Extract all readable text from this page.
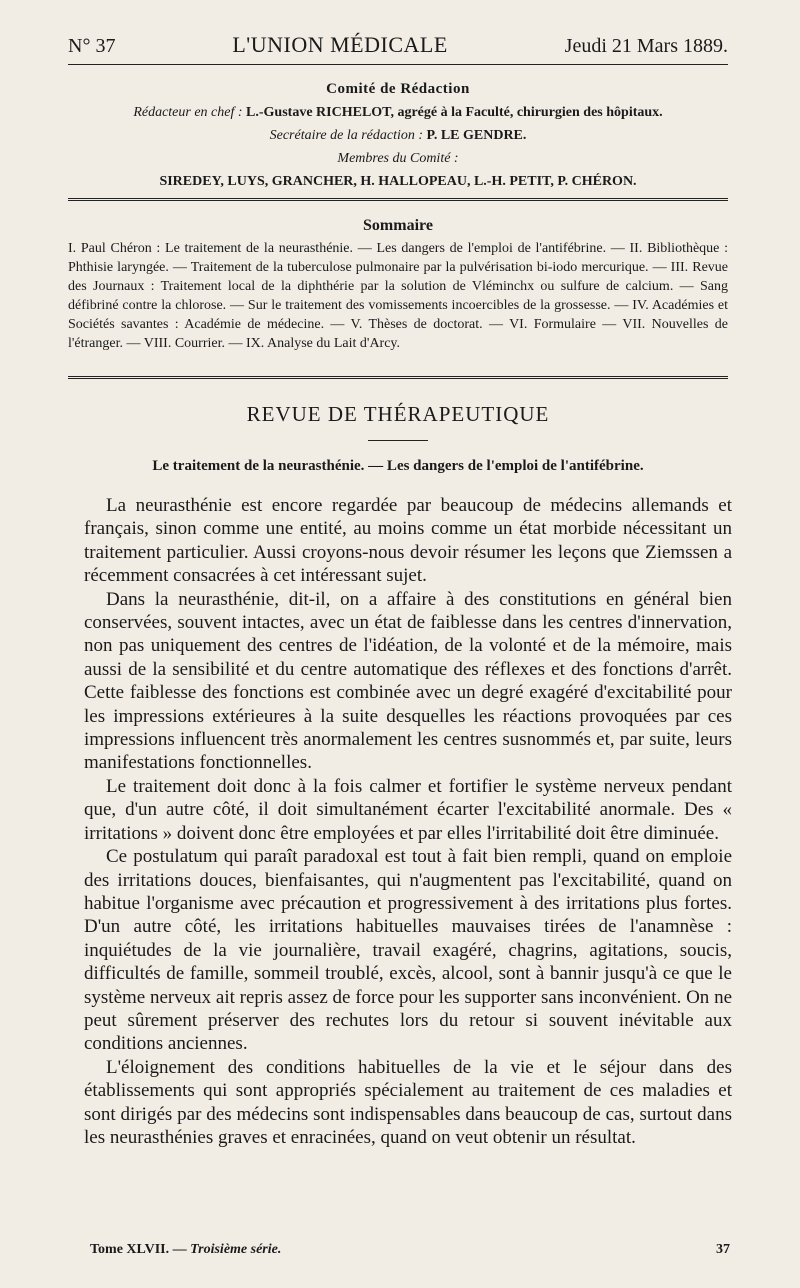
N° 37	L'UNION MÉDICALE	Jeudi 21 Mars 1889.
Comité de Rédaction
Rédacteur en chef : L.-Gustave RICHELOT, agrégé à la Faculté, chirurgien des hôpitaux.
Secrétaire de la rédaction : P. LE GENDRE.
Membres du Comité :
SIREDEY, LUYS, GRANCHER, H. HALLOPEAU, L.-H. PETIT, P. CHÉRON.
Sommaire

I. Paul Chéron : Le traitement de la neurasthénie. — Les dangers de l'emploi de l'antifébrine. — II. Bibliothèque : Phthisie laryngée. — Traitement de la tuberculose pulmonaire par la pulvérisation bi-iodo mercurique. — III. Revue des Journaux : Traitement local de la diphthérie par la solution de Vléminchx ou sulfure de calcium. — Sang défibriné contre la chlorose. — Sur le traitement des vomissements incoercibles de la grossesse. — IV. Académies et Sociétés savantes : Académie de médecine. — V. Thèses de doctorat. — VI. Formulaire — VII. Nouvelles de l'étranger. — VIII. Courrier. — IX. Analyse du Lait d'Arcy.

REVUE DE THÉRAPEUTIQUE
Le traitement de la neurasthénie. — Les dangers de l'emploi de l'antifébrine.

La neurasthénie est encore regardée par beaucoup de médecins allemands et français, sinon comme une entité, au moins comme un état morbide nécessitant un traitement particulier. Aussi croyons-nous devoir résumer les leçons que Ziemssen a récemment consacrées à cet intéressant sujet.

Dans la neurasthénie, dit-il, on a affaire à des constitutions en général bien conservées, souvent intactes, avec un état de faiblesse dans les centres d'innervation, non pas uniquement des centres de l'idéation, de la volonté et de la mémoire, mais aussi de la sensibilité et du centre automatique des réflexes et des fonctions d'arrêt. Cette faiblesse des fonctions est combinée avec un degré exagéré d'excitabilité pour les impressions extérieures à la suite desquelles les réactions provoquées par ces impressions influencent très anormalement les centres susnommés et, par suite, leurs manifestations fonctionnelles.

Le traitement doit donc à la fois calmer et fortifier le système nerveux pendant que, d'un autre côté, il doit simultanément écarter l'excitabilité anormale. Des « irritations » doivent donc être employées et par elles l'irritabilité doit être diminuée.

Ce postulatum qui paraît paradoxal est tout à fait bien rempli, quand on emploie des irritations douces, bienfaisantes, qui n'augmentent pas l'excitabilité, quand on habitue l'organisme avec précaution et progressivement à des irritations plus fortes. D'un autre côté, les irritations habituelles mauvaises tirées de l'anamnèse : inquiétudes de la vie journalière, travail exagéré, chagrins, agitations, soucis, difficultés de famille, sommeil troublé, excès, alcool, sont à bannir jusqu'à ce que le système nerveux ait repris assez de force pour les supporter sans inconvénient. On ne peut sûrement préserver des rechutes lors du retour si souvent inévitable aux conditions anciennes.

L'éloignement des conditions habituelles de la vie et le séjour dans des établissements qui sont appropriés spécialement au traitement de ces maladies et sont dirigés par des médecins sont indispensables dans beaucoup de cas, surtout dans les neurasthénies graves et enracinées, quand on veut obtenir un résultat.

Tome XLVII. — Troisième série.	37
